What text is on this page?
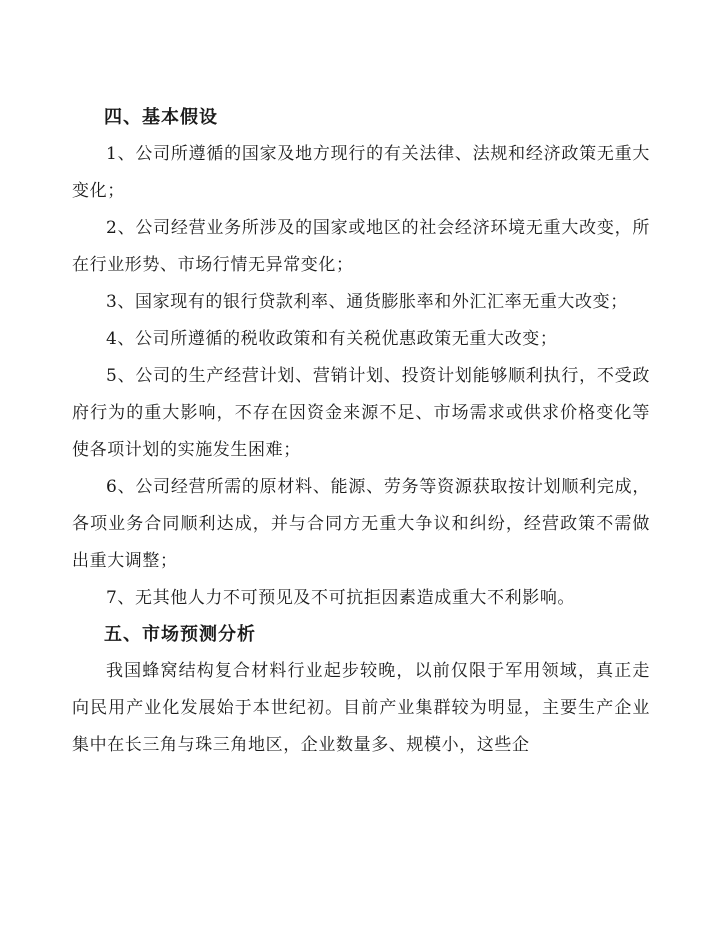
四、基本假设

1、公司所遵循的国家及地方现行的有关法律、法规和经济政策无重大变化；

2、公司经营业务所涉及的国家或地区的社会经济环境无重大改变，所在行业形势、市场行情无异常变化；

3、国家现有的银行贷款利率、通货膨胀率和外汇汇率无重大改变；

4、公司所遵循的税收政策和有关税优惠政策无重大改变；

5、公司的生产经营计划、营销计划、投资计划能够顺利执行，不受政府行为的重大影响，不存在因资金来源不足、市场需求或供求价格变化等使各项计划的实施发生困难；

6、公司经营所需的原材料、能源、劳务等资源获取按计划顺利完成，各项业务合同顺利达成，并与合同方无重大争议和纠纷，经营政策不需做出重大调整；

7、无其他人力不可预见及不可抗拒因素造成重大不利影响。

五、市场预测分析

我国蜂窝结构复合材料行业起步较晚，以前仅限于军用领域，真正走向民用产业化发展始于本世纪初。目前产业集群较为明显，主要生产企业集中在长三角与珠三角地区，企业数量多、规模小，这些企
